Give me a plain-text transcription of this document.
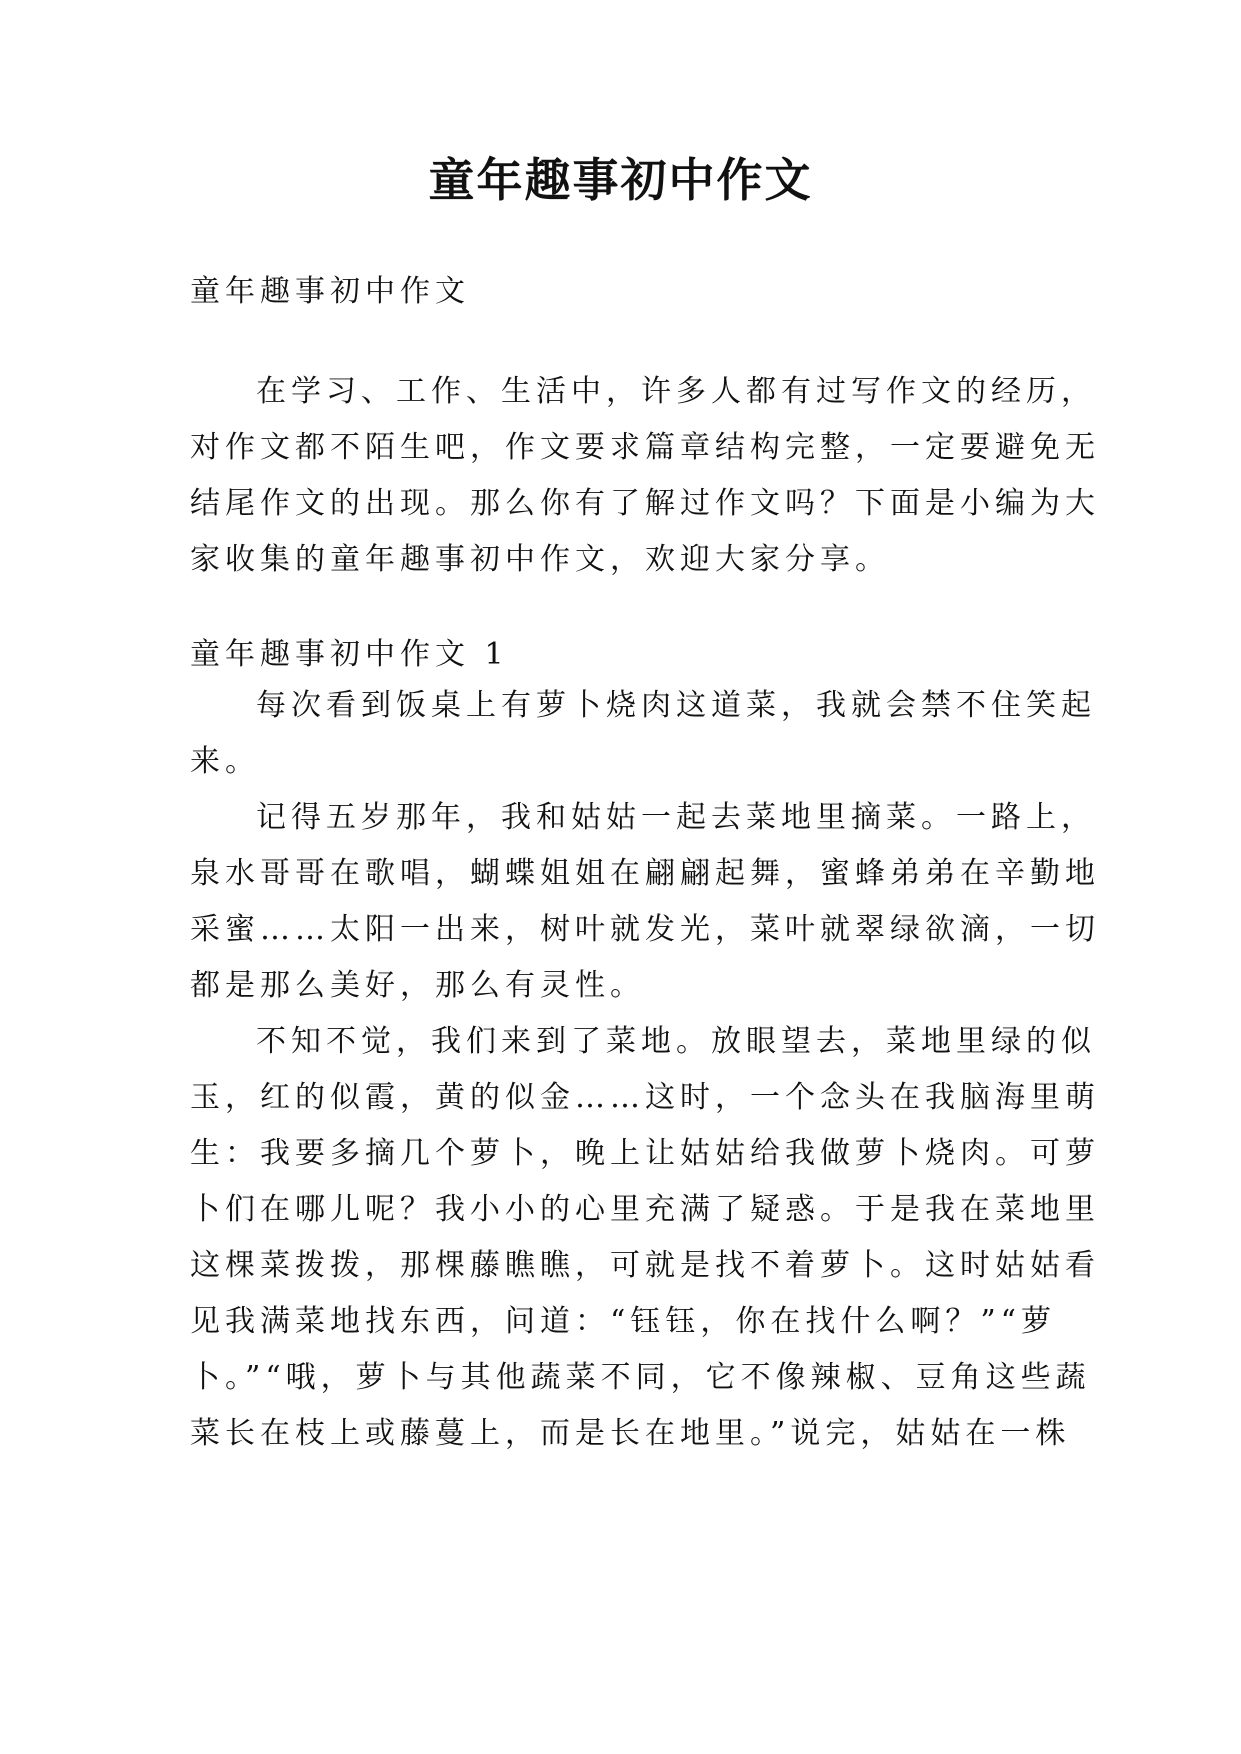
童年趣事初中作文
童年趣事初中作文
在学习、工作、生活中，许多人都有过写作文的经历，
对作文都不陌生吧，作文要求篇章结构完整，一定要避免无
结尾作文的出现。那么你有了解过作文吗？下面是小编为大
家收集的童年趣事初中作文，欢迎大家分享。
童年趣事初中作文 1
每次看到饭桌上有萝卜烧肉这道菜，我就会禁不住笑起
来。
记得五岁那年，我和姑姑一起去菜地里摘菜。一路上，
泉水哥哥在歌唱，蝴蝶姐姐在翩翩起舞，蜜蜂弟弟在辛勤地
采蜜……太阳一出来，树叶就发光，菜叶就翠绿欲滴，一切
都是那么美好，那么有灵性。
不知不觉，我们来到了菜地。放眼望去，菜地里绿的似
玉，红的似霞，黄的似金……这时，一个念头在我脑海里萌
生：我要多摘几个萝卜，晚上让姑姑给我做萝卜烧肉。可萝
卜们在哪儿呢？我小小的心里充满了疑惑。于是我在菜地里
这棵菜拨拨，那棵藤瞧瞧，可就是找不着萝卜。这时姑姑看
见我满菜地找东西，问道：“钰钰，你在找什么啊？”“萝
卜。”“哦，萝卜与其他蔬菜不同，它不像辣椒、豆角这些蔬
菜长在枝上或藤蔓上，而是长在地里。”说完，姑姑在一株
